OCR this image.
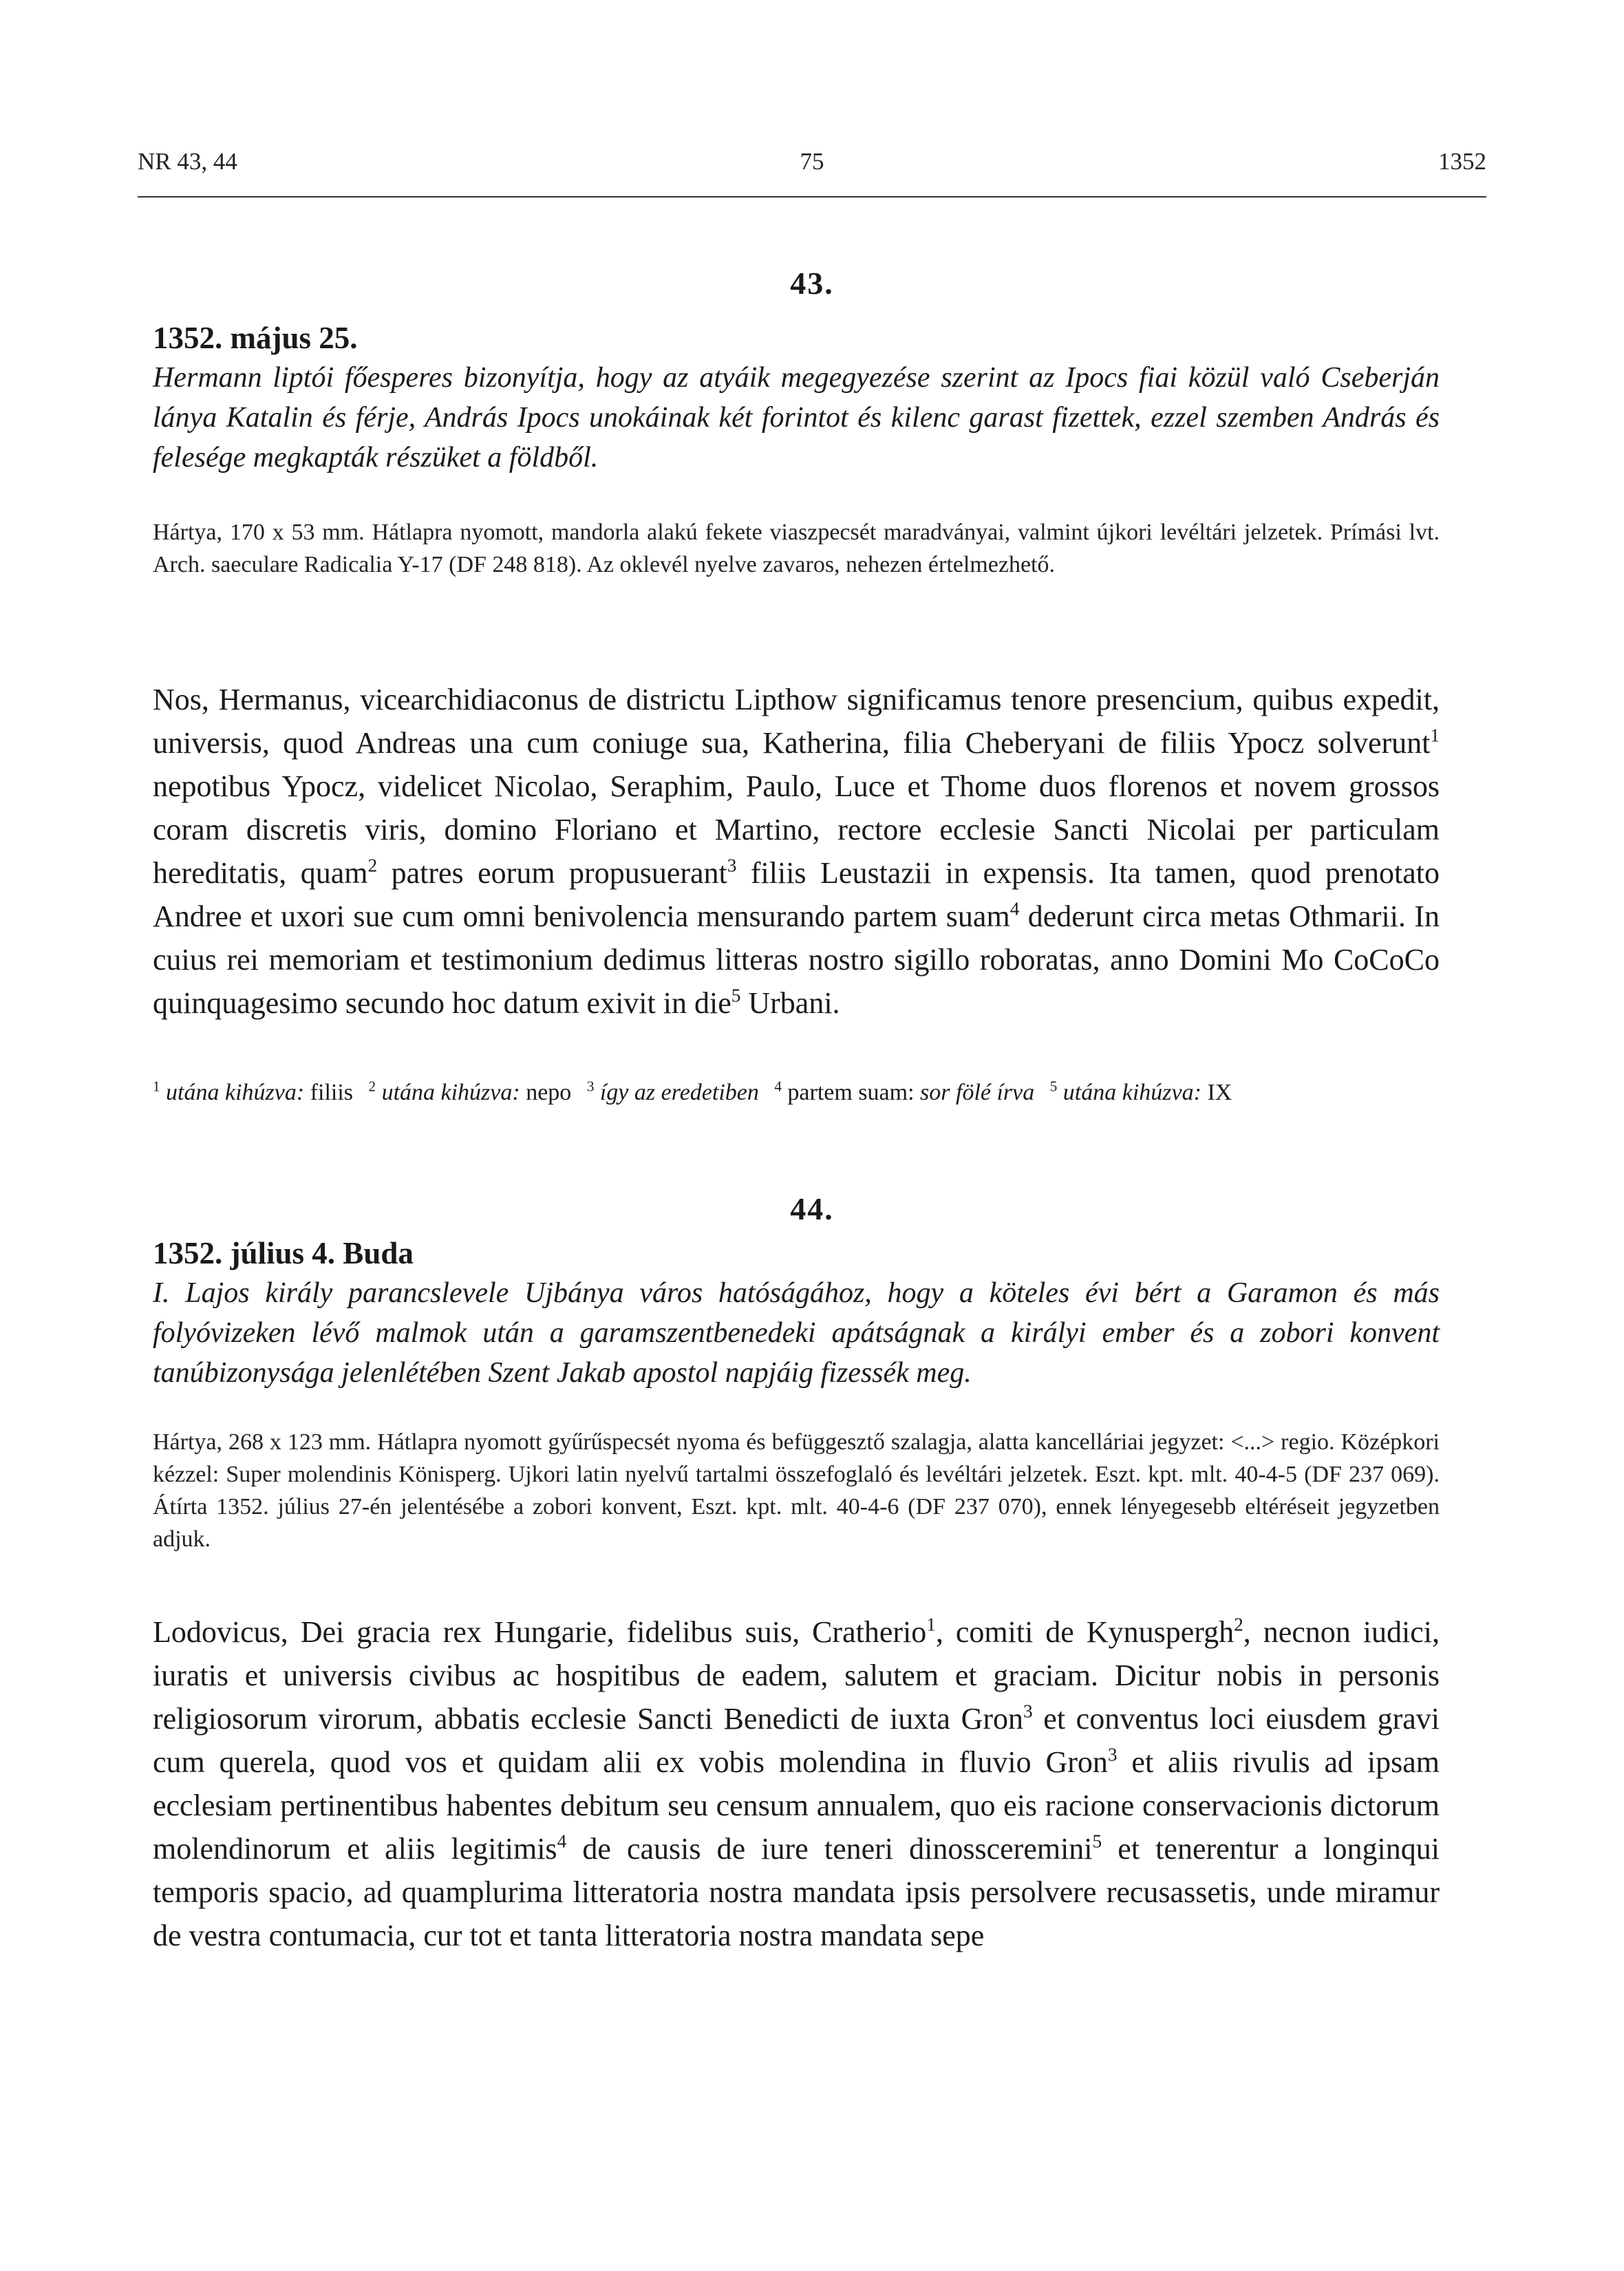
NR 43, 44	75	1352
43.
1352. május 25.
Hermann liptói főesperes bizonyítja, hogy az atyáik megegyezése szerint az Ipocs fiai közül való Cseberján lánya Katalin és férje, András Ipocs unokáinak két forintot és kilenc garast fizettek, ezzel szemben András és felesége megkapták részüket a földből.
Hártya, 170 x 53 mm. Hátlapra nyomott, mandorla alakú fekete viaszpecsét maradványai, valmint újkori levéltári jelzetek. Prímási lvt. Arch. saeculare Radicalia Y-17 (DF 248 818). Az oklevél nyelve zavaros, nehezen értelmezhető.
Nos, Hermanus, vicearchidiaconus de districtu Lipthow significamus tenore presencium, quibus expedit, universis, quod Andreas una cum coniuge sua, Katherina, filia Cheberyani de filiis Ypocz solverunt$^1$ nepotibus Ypocz, videlicet Nicolao, Seraphim, Paulo, Luce et Thome duos florenos et novem grossos coram discretis viris, domino Floriano et Martino, rectore ecclesie Sancti Nicolai per particulam hereditatis, quam$^2$ patres eorum propusuerant$^3$ filiis Leustazii in expensis. Ita tamen, quod prenotato Andree et uxori sue cum omni benivolencia mensurando partem suam$^4$ dederunt circa metas Othmarii. In cuius rei memoriam et testimonium dedimus litteras nostro sigillo roboratas, anno Domini Mo CoCoCo quinquagesimo secundo hoc datum exivit in die$^5$ Urbani.
$^1$ utána kihúzva: filiis $^2$ utána kihúzva: nepo $^3$ így az eredetiben $^4$ partem suam: sor fölé írva $^5$ utána kihúzva: IX
44.
1352. július 4. Buda
I. Lajos király parancslevele Ujbánya város hatóságához, hogy a köteles évi bért a Garamon és más folyóvizeken lévő malmok után a garamszentbenedeki apátságnak a királyi ember és a zobori konvent tanúbizonysága jelenlétében Szent Jakab apostol napjáig fizessék meg.
Hártya, 268 x 123 mm. Hátlapra nyomott gyűrűspecsét nyoma és befüggesztő szalagja, alatta kancelláriai jegyzet: <...> regio. Középkori kézzel: Super molendinis Könisperg. Ujkori latin nyelvű tartalmi összefoglaló és levéltári jelzetek. Eszt. kpt. mlt. 40-4-5 (DF 237 069). Átírta 1352. július 27-én jelentésébe a zobori konvent, Eszt. kpt. mlt. 40-4-6 (DF 237 070), ennek lényegesebb eltéréseit jegyzetben adjuk.
Lodovicus, Dei gracia rex Hungarie, fidelibus suis, Cratherio$^1$, comiti de Kynuspergh$^2$, necnon iudici, iuratis et universis civibus ac hospitibus de eadem, salutem et graciam. Dicitur nobis in personis religiosorum virorum, abbatis ecclesie Sancti Benedicti de iuxta Gron$^3$ et conventus loci eiusdem gravi cum querela, quod vos et quidam alii ex vobis molendina in fluvio Gron$^3$ et aliis rivulis ad ipsam ecclesiam pertinentibus habentes debitum seu censum annualem, quo eis racione conservacionis dictorum molendinorum et aliis legitimis$^4$ de causis de iure teneri dinossceremini$^5$ et tenerentur a longinqui temporis spacio, ad quamplurima litteratoria nostra mandata ipsis persolvere recusassetis, unde miramur de vestra contumacia, cur tot et tanta litteratoria nostra mandata sepe
